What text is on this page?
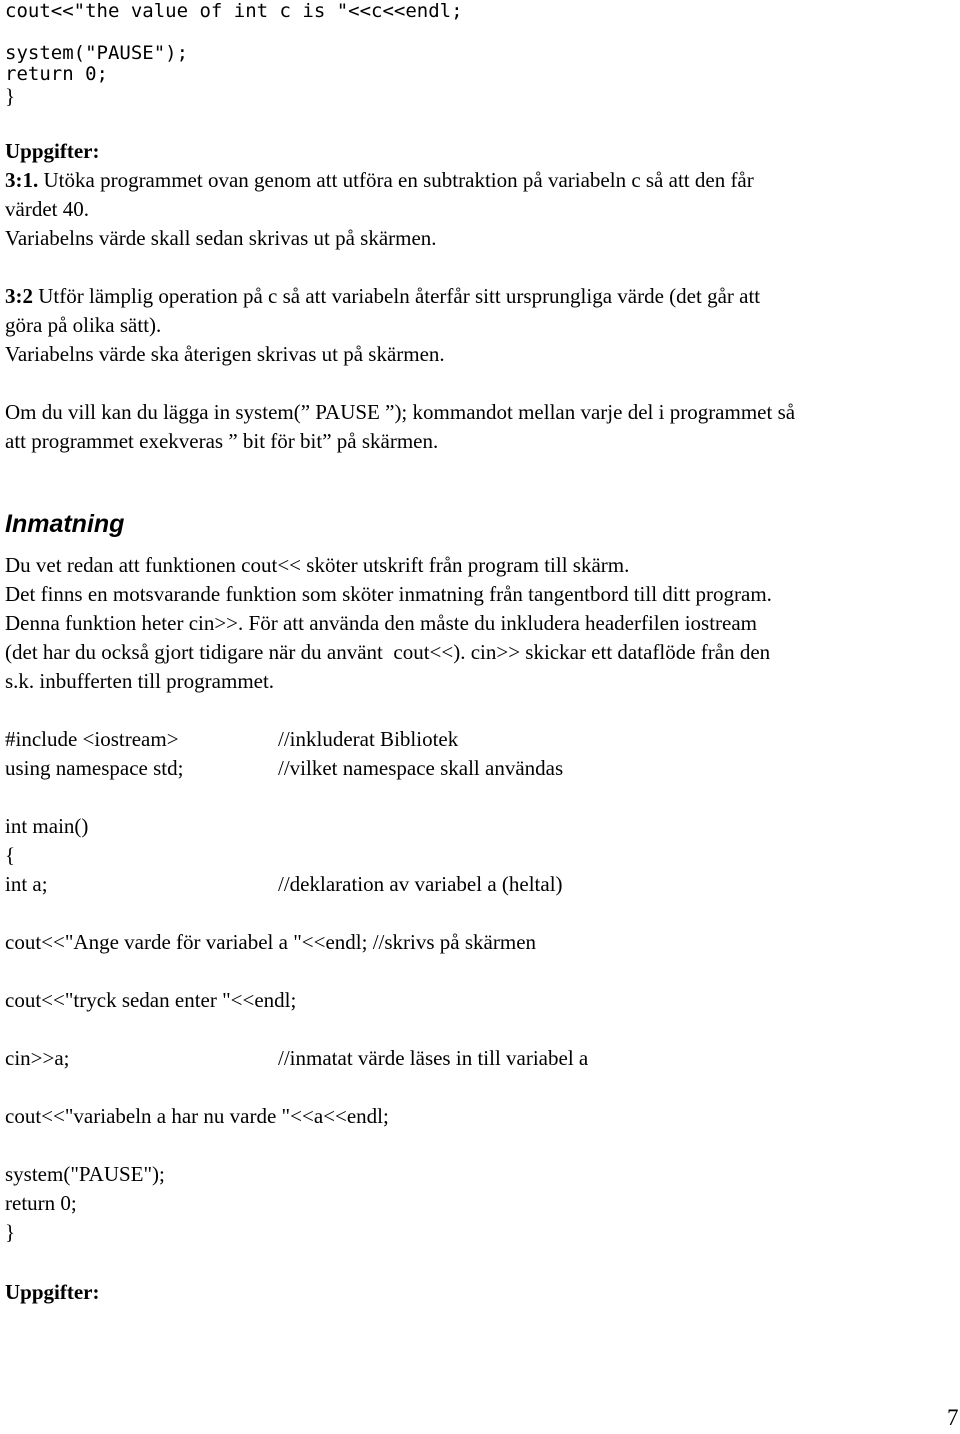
cout<<"the value of int c is "<<c<<endl;
system("PAUSE");
return 0;
}
Uppgifter:
3:1. Utöka programmet ovan genom att utföra en subtraktion på variabeln c så att den får
värdet 40.
Variabelns värde skall sedan skrivas ut på skärmen.
3:2 Utför lämplig operation på c så att variabeln återfår sitt ursprungliga värde (det går att
göra på olika sätt).
Variabelns värde ska återigen skrivas ut på skärmen.
Om du vill kan du lägga in system(” PAUSE ”); kommandot mellan varje del i programmet så
att programmet exekveras ” bit för bit” på skärmen.
Inmatning
Du vet redan att funktionen cout<< sköter utskrift från program till skärm.
Det finns en motsvarande funktion som sköter inmatning från tangentbord till ditt program.
Denna funktion heter cin>>. För att använda den måste du inkludera headerfilen iostream
(det har du också gjort tidigare när du använt  cout<<). cin>> skickar ett dataflöde från den
s.k. inbufferten till programmet.
#include <iostream>	//inkluderat Bibliotek
using namespace std;	//vilket namespace skall användas
int main()
{
int a;	//deklaration av variabel a (heltal)
cout<<"Ange varde för variabel a "<<endl; //skrivs på skärmen
cout<<"tryck sedan enter "<<endl;
cin>>a;	//inmatat värde läses in till variabel a
cout<<"variabeln a har nu varde "<<a<<endl;
system("PAUSE");
return 0;
}
Uppgifter:
7
